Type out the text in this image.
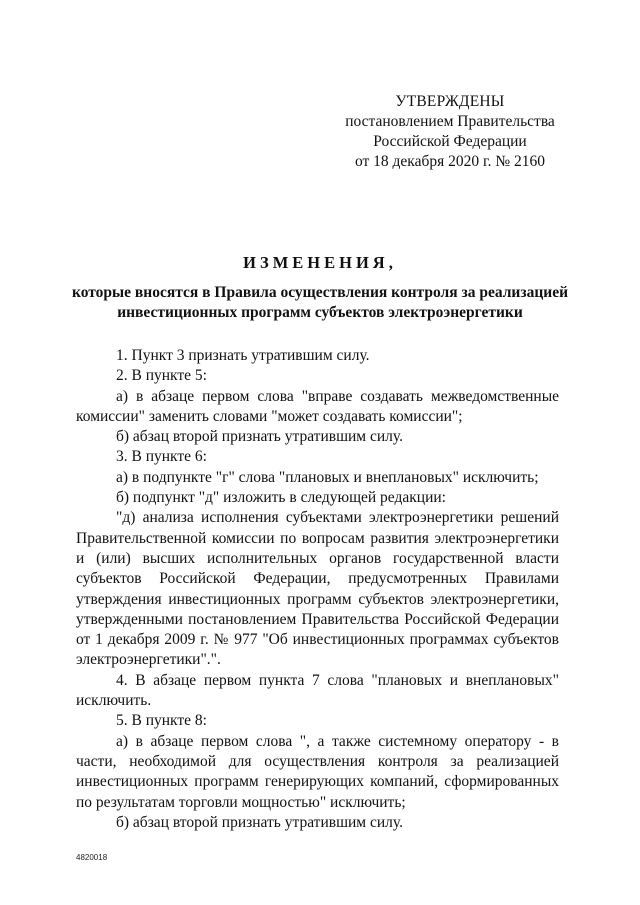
УТВЕРЖДЕНЫ
постановлением Правительства
Российской Федерации
от 18 декабря 2020 г. № 2160
ИЗМЕНЕНИЯ,
которые вносятся в Правила осуществления контроля за реализацией
инвестиционных программ субъектов электроэнергетики

1. Пункт 3 признать утратившим силу.

2. В пункте 5:

а) в абзаце первом слова "вправе создавать межведомственные комиссии" заменить словами "может создавать комиссии";

б) абзац второй признать утратившим силу.

3. В пункте 6:

а) в подпункте "г" слова "плановых и внеплановых" исключить;

б) подпункт "д" изложить в следующей редакции:

"д) анализа исполнения субъектами электроэнергетики решений Правительственной комиссии по вопросам развития электроэнергетики и (или) высших исполнительных органов государственной власти субъектов Российской Федерации, предусмотренных Правилами утверждения инвестиционных программ субъектов электроэнергетики, утвержденными постановлением Правительства Российской Федерации от 1 декабря 2009 г. № 977 "Об инвестиционных программах субъектов электроэнергетики".".

4. В абзаце первом пункта 7 слова "плановых и внеплановых" исключить.

5. В пункте 8:

а) в абзаце первом слова ", а также системному оператору - в части, необходимой для осуществления контроля за реализацией инвестиционных программ генерирующих компаний, сформированных по результатам торговли мощностью" исключить;

б) абзац второй признать утратившим силу.

4820018
